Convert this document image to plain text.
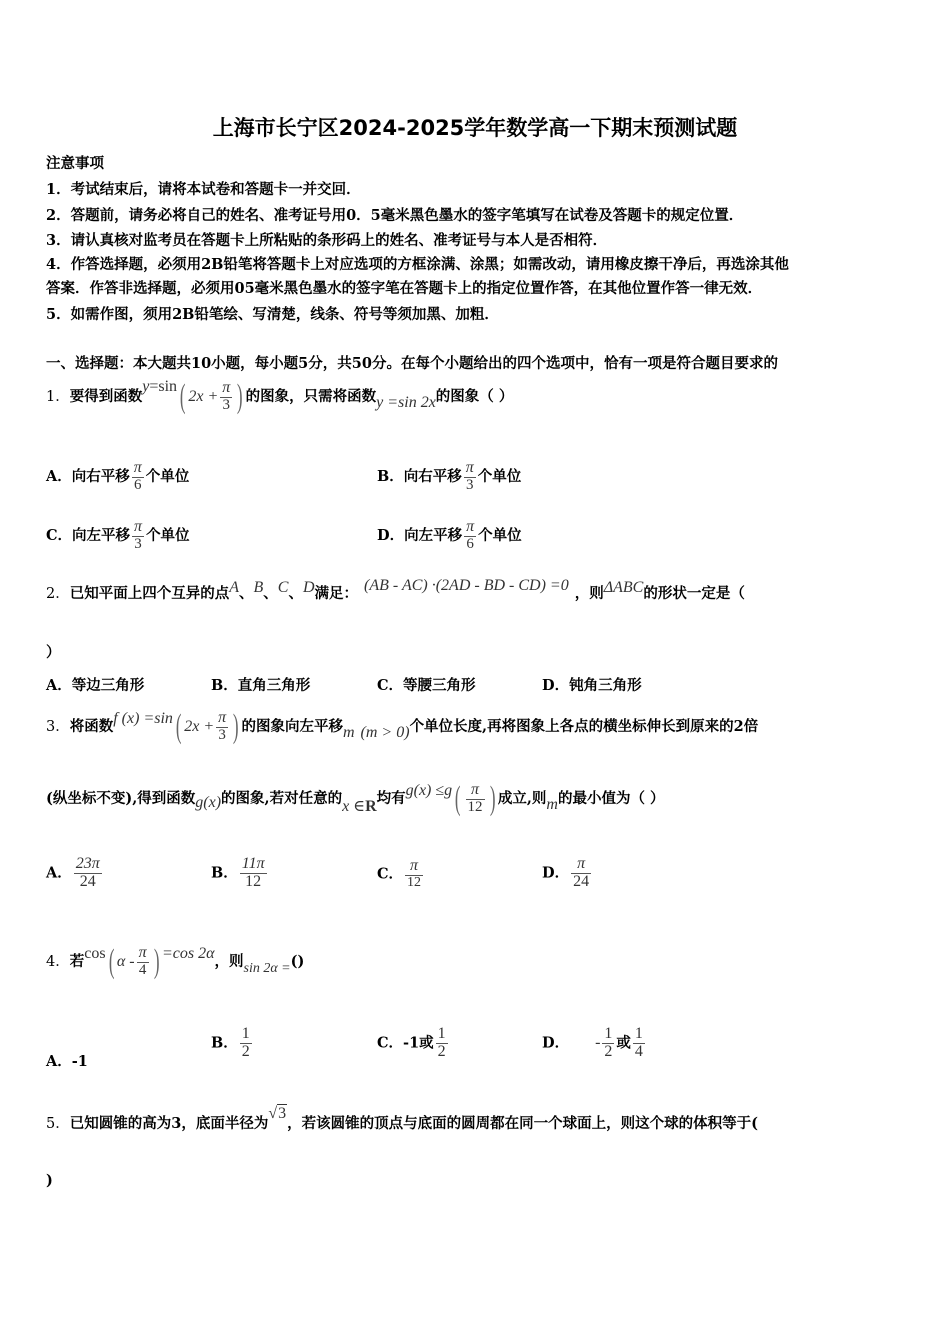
上海市长宁区2024-2025学年数学高一下期末预测试题
注意事项
1．考试结束后，请将本试卷和答题卡一并交回．
2．答题前，请务必将自己的姓名、准考证号用0．5毫米黑色墨水的签字笔填写在试卷及答题卡的规定位置．
3．请认真核对监考员在答题卡上所粘贴的条形码上的姓名、准考证号与本人是否相符．
4．作答选择题，必须用2B铅笔将答题卡上对应选项的方框涂满、涂黑；如需改动，请用橡皮擦干净后，再选涂其他
答案．作答非选择题，必须用05毫米黑色墨水的签字笔在答题卡上的指定位置作答，在其他位置作答一律无效．
5．如需作图，须用2B铅笔绘、写清楚，线条、符号等须加黑、加粗．
一、选择题：本大题共10小题，每小题5分，共50分。在每个小题给出的四个选项中，恰有一项是符合题目要求的
1．要得到函数y=sin( $2x + \frac{\pi}{3}$ ) 的图象，只需将函数y =sin 2x的图象（ ）
A．向右平移 $\frac{\pi}{6}$ 个单位	B．向右平移 $\frac{\pi}{3}$ 个单位
C．向左平移 $\frac{\pi}{3}$ 个单位	D．向左平移 $\frac{\pi}{6}$ 个单位
2．已知平面上四个互异的点A、B、C、D满足： (AB - AC) ·(2AD - BD - CD) =0 ，则ΔABC的形状一定是（
）
A．等边三角形	B．直角三角形	C．等腰三角形	D．钝角三角形
3．将函数f (x) =sin( $2x + \frac{\pi}{3}$ ) 的图象向左平移m (m > 0)个单位长度,再将图象上各点的横坐标伸长到原来的2倍
(纵坐标不变),得到函数g(x)的图象,若对任意的x ∈R均有$g(x) \le g( \frac{\pi}{12}$ ) 成立,则m的最小值为（ ）
A． $\frac{23\pi}{24}$	B． $\frac{11\pi}{12}$	C． $\frac{\pi}{12}$	D． $\frac{\pi}{24}$
4．若cos( α - $\frac{\pi}{4}$ ) =cos 2α，则sin 2α =()
A．-1
B． $\frac{1}{2}$	C．-1或 $\frac{1}{2}$	D． - $\frac{1}{2}$ 或 $\frac{1}{4}$
5．已知圆锥的高为3，底面半径为√3，若该圆锥的顶点与底面的圆周都在同一个球面上，则这个球的体积等于(
)
